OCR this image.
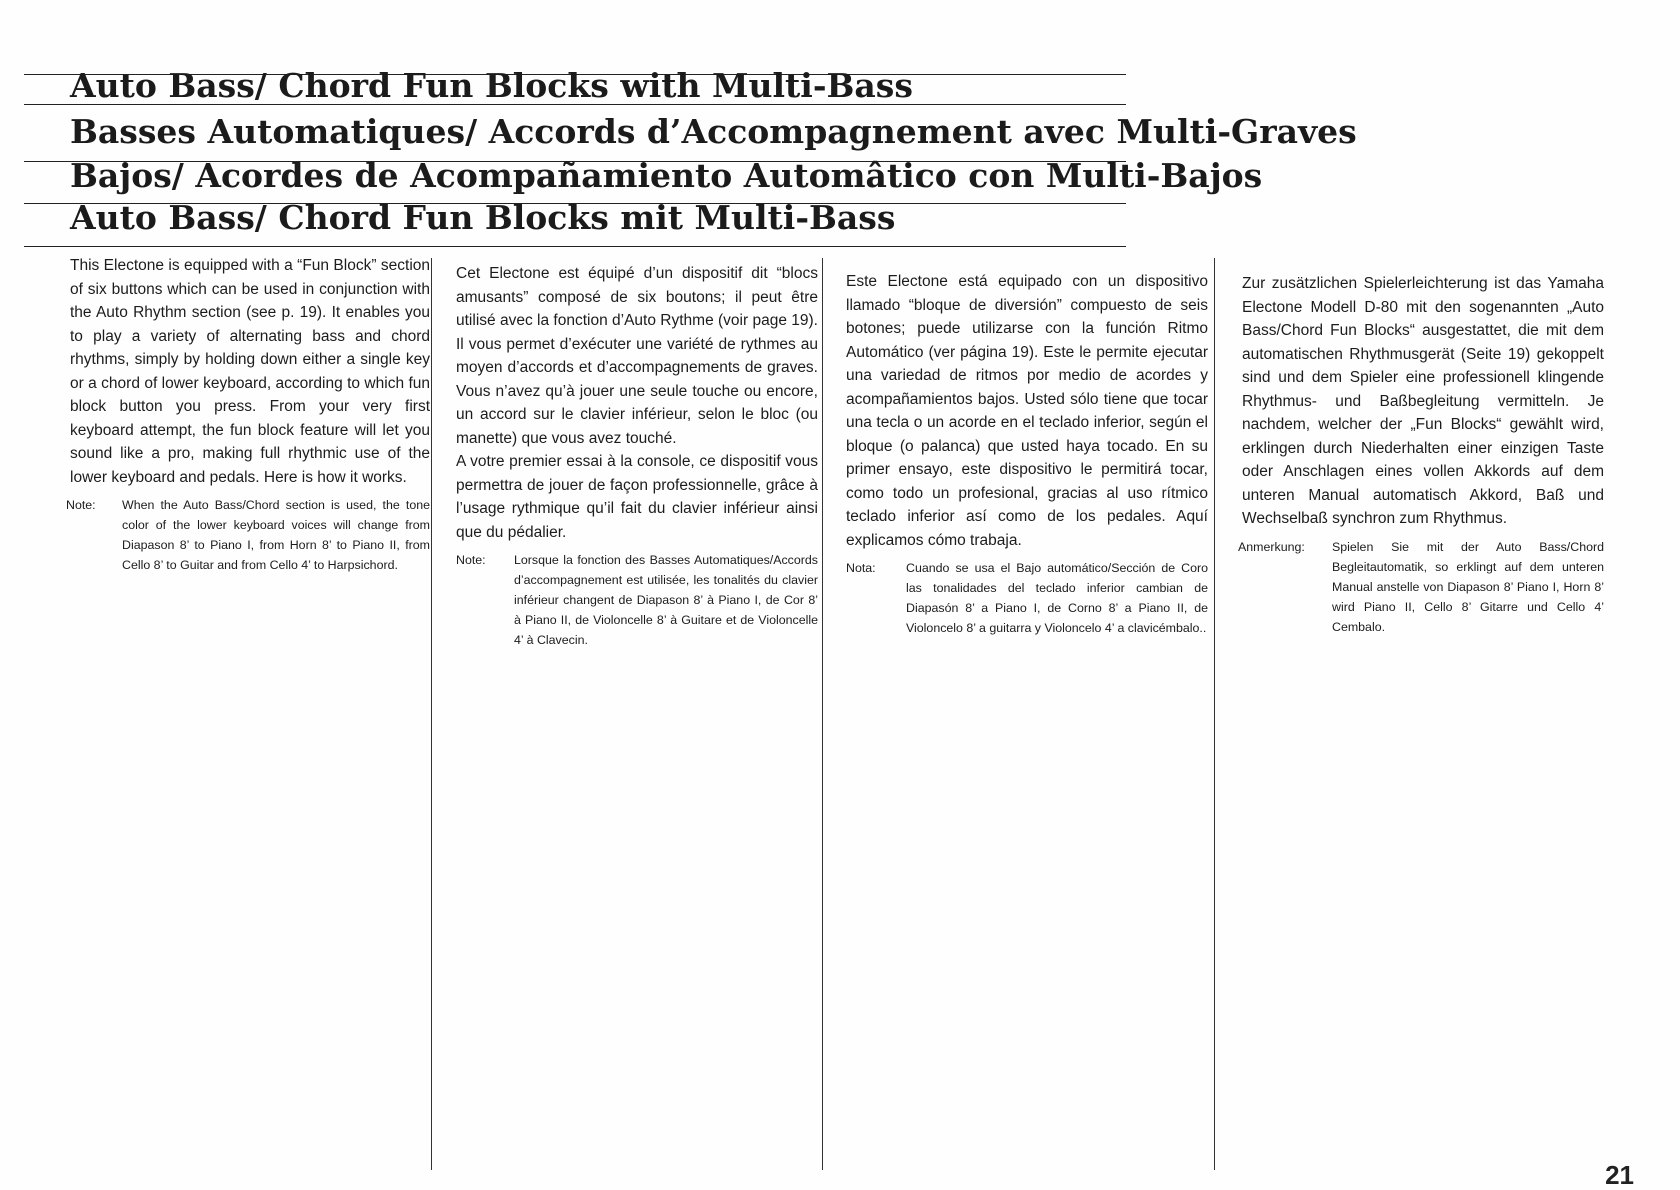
Auto Bass/ Chord Fun Blocks with Multi-Bass
Basses Automatiques/ Accords d’Accompagnement avec Multi-Graves
Bajos/ Acordes de Acompañamiento Automâtico con Multi-Bajos
Auto Bass/ Chord Fun Blocks mit Multi-Bass

This Electone is equipped with a “Fun Block” section of six buttons which can be used in conjunction with the Auto Rhythm section (see p. 19). It enables you to play a variety of alternating bass and chord rhythms, simply by holding down either a single key or a chord of lower keyboard, according to which fun block button you press. From your very first keyboard attempt, the fun block feature will let you sound like a pro, making full rhythmic use of the lower keyboard and pedals. Here is how it works.

Note:	When the Auto Bass/Chord section is used, the tone color of the lower keyboard voices will change from Diapason 8’ to Piano I, from Horn 8’ to Piano II, from Cello 8’ to Guitar and from Cello 4’ to Harpsichord.

Cet Electone est équipé d’un dispositif dit “blocs amusants” composé de six boutons; il peut être utilisé avec la fonction d’Auto Rythme (voir page 19). Il vous permet d’exécuter une variété de rythmes au moyen d’accords et d’accompagnements de graves. Vous n’avez qu’à jouer une seule touche ou encore, un accord sur le clavier inférieur, selon le bloc (ou manette) que vous avez touché.

A votre premier essai à la console, ce dispositif vous permettra de jouer de façon professionnelle, grâce à l’usage rythmique qu’il fait du clavier inférieur ainsi que du pédalier.

Note:	Lorsque la fonction des Basses Automatiques/Accords d’accompagnement est utilisée, les tonalités du clavier inférieur changent de Diapason 8’ à Piano I, de Cor 8’ à Piano II, de Violoncelle 8’ à Guitare et de Violoncelle 4’ à Clavecin.

Este Electone está equipado con un dispositivo llamado “bloque de diversión” compuesto de seis botones; puede utilizarse con la función Ritmo Automático (ver página 19). Este le permite ejecutar una variedad de ritmos por medio de acordes y acompañamientos bajos. Usted sólo tiene que tocar una tecla o un acorde en el teclado inferior, según el bloque (o palanca) que usted haya tocado. En su primer ensayo, este dispositivo le permitirá tocar, como todo un profesional, gracias al uso rítmico teclado inferior así como de los pedales. Aquí explicamos cómo trabaja.

Nota:	Cuando se usa el Bajo automático/Sección de Coro las tonalidades del teclado inferior cambian de Diapasón 8’ a Piano I, de Corno 8’ a Piano II, de Violoncelo 8’ a guitarra y Violoncelo 4’ a clavicémbalo..

Zur zusätzlichen Spielerleichterung ist das Yamaha Electone Modell D-80 mit den sogenannten „Auto Bass/Chord Fun Blocks“ ausgestattet, die mit dem automatischen Rhythmusgerät (Seite 19) gekoppelt sind und dem Spieler eine professionell klingende Rhythmus- und Baßbegleitung vermitteln. Je nachdem, welcher der „Fun Blocks“ gewählt wird, erklingen durch Niederhalten einer einzigen Taste oder Anschlagen eines vollen Akkords auf dem unteren Manual automatisch Akkord, Baß und Wechselbaß synchron zum Rhythmus.

Anmerkung:	Spielen Sie mit der Auto Bass/Chord Begleitautomatik, so erklingt auf dem unteren Manual anstelle von Diapason 8’ Piano I, Horn 8’ wird Piano II, Cello 8’ Gitarre und Cello 4’ Cembalo.
21
